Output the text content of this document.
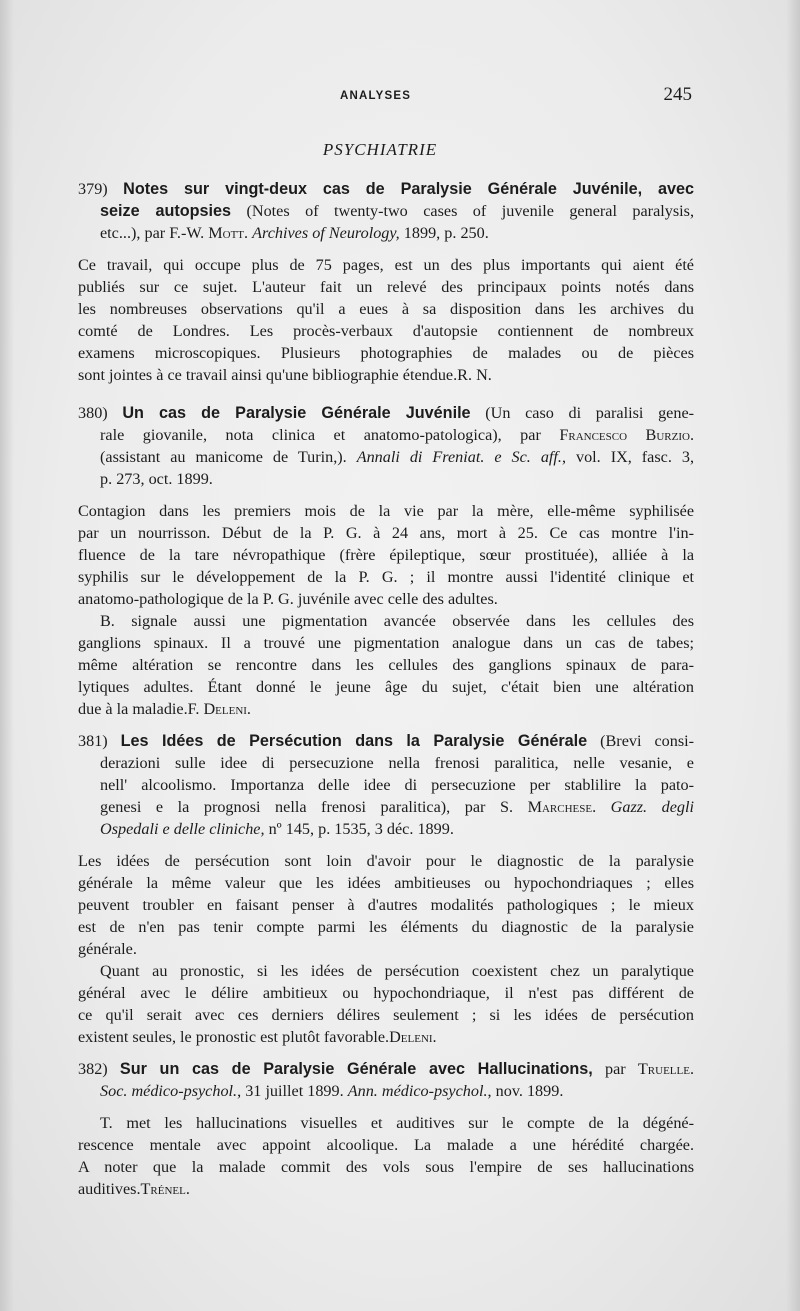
ANALYSES	245
PSYCHIATRIE
379) Notes sur vingt-deux cas de Paralysie Générale Juvénile, avec
seize autopsies (Notes of twenty-two cases of juvenile general paralysis,
etc...), par F.-W. Mott. Archives of Neurology, 1899, p. 250.
Ce travail, qui occupe plus de 75 pages, est un des plus importants qui aient été
publiés sur ce sujet. L'auteur fait un relevé des principaux points notés dans
les nombreuses observations qu'il a eues à sa disposition dans les archives du
comté de Londres. Les procès-verbaux d'autopsie contiennent de nombreux
examens microscopiques. Plusieurs photographies de malades ou de pièces
sont jointes à ce travail ainsi qu'une bibliographie étendue.R. N.
380) Un cas de Paralysie Générale Juvénile (Un caso di paralisi gene-
rale giovanile, nota clinica et anatomo-patologica), par Francesco Burzio.
(assistant au manicome de Turin,). Annali di Freniat. e Sc. aff., vol. IX, fasc. 3,
p. 273, oct. 1899.
Contagion dans les premiers mois de la vie par la mère, elle-même syphilisée
par un nourrisson. Début de la P. G. à 24 ans, mort à 25. Ce cas montre l'in-
fluence de la tare névropathique (frère épileptique, sœur prostituée), alliée à la
syphilis sur le développement de la P. G. ; il montre aussi l'identité clinique et
anatomo-pathologique de la P. G. juvénile avec celle des adultes.
B. signale aussi une pigmentation avancée observée dans les cellules des
ganglions spinaux. Il a trouvé une pigmentation analogue dans un cas de tabes;
même altération se rencontre dans les cellules des ganglions spinaux de para-
lytiques adultes. Étant donné le jeune âge du sujet, c'était bien une altération
due à la maladie.F. Deleni.
381) Les Idées de Persécution dans la Paralysie Générale (Brevi consi-
derazioni sulle idee di persecuzione nella frenosi paralitica, nelle vesanie, e
nell' alcoolismo. Importanza delle idee di persecuzione per stablilire la pato-
genesi e la prognosi nella frenosi paralitica), par S. Marchese. Gazz. degli
Ospedali e delle cliniche, nº 145, p. 1535, 3 déc. 1899.
Les idées de persécution sont loin d'avoir pour le diagnostic de la paralysie
générale la même valeur que les idées ambitieuses ou hypochondriaques ; elles
peuvent troubler en faisant penser à d'autres modalités pathologiques ; le mieux
est de n'en pas tenir compte parmi les éléments du diagnostic de la paralysie
générale.
Quant au pronostic, si les idées de persécution coexistent chez un paralytique
général avec le délire ambitieux ou hypochondriaque, il n'est pas différent de
ce qu'il serait avec ces derniers délires seulement ; si les idées de persécution
existent seules, le pronostic est plutôt favorable.Deleni.
382) Sur un cas de Paralysie Générale avec Hallucinations, par Truelle.
Soc. médico-psychol., 31 juillet 1899. Ann. médico-psychol., nov. 1899.
T. met les hallucinations visuelles et auditives sur le compte de la dégéné-
rescence mentale avec appoint alcoolique. La malade a une hérédité chargée.
A noter que la malade commit des vols sous l'empire de ses hallucinations
auditives.Trénel.
